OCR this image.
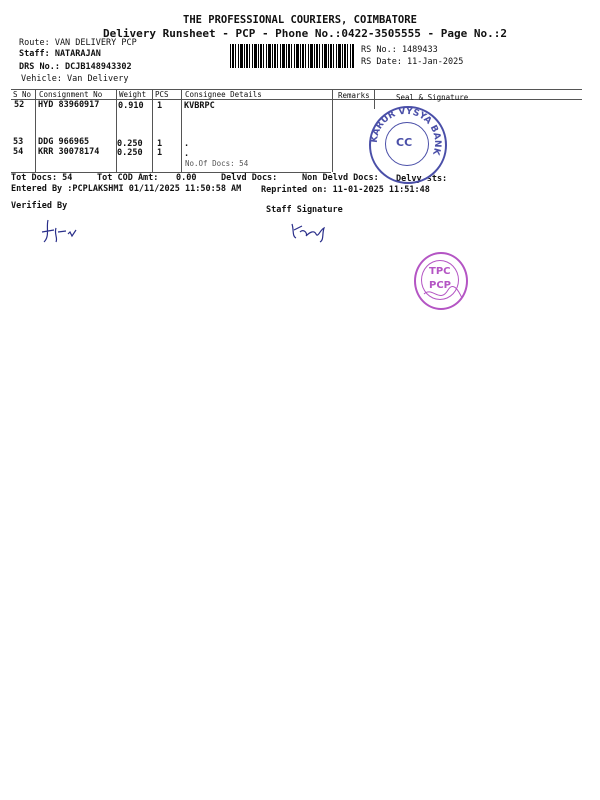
THE PROFESSIONAL COURIERS, COIMBATORE
Delivery Runsheet - PCP - Phone No.:0422-3505555 - Page No.:2
Route: VAN DELIVERY PCP
Staff: NATARAJAN
DRS No.: DCJB148943302
Vehicle: Van Delivery
RS No.: 1489433
RS Date: 11-Jan-2025
S No Consignment No Weight PCS Consignee Details	Remarks	Seal & Signature
52 HYD 83960917 0.910 1	KVBRPC
53 DDG 966965	0.250 1	.
54 KRR 30078174 0.250 1	.
No.Of Docs: 54
Tot Docs: 54	Tot COD Amt: 0.00	Delvd Docs:	Non Delvd Docs: Delvy sts:
Entered By :PCPLAKSHMI 01/11/2025 11:50:58 AM Reprinted on: 11-01-2025 11:51:48
Verified By	Staff Signature
CC
KARUR VYSYA BANK
TPC
PCP
